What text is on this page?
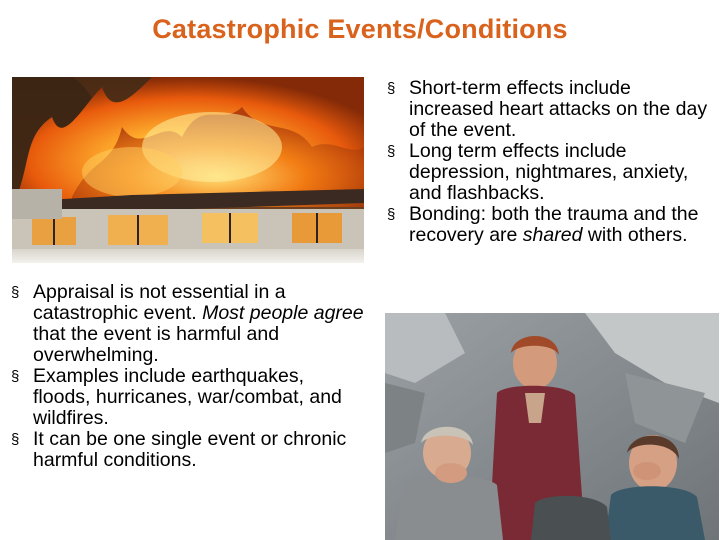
Catastrophic Events/Conditions
§ Appraisal is not essential in a catastrophic event. Most people agree that the event is harmful and overwhelming.
§ Examples include earthquakes, floods, hurricanes, war/combat, and wildfires.
§ It can be one single event or chronic harmful conditions.
§ Short-term effects include increased heart attacks on the day of the event.
§ Long term effects include depression, nightmares, anxiety, and flashbacks.
§ Bonding: both the trauma and the recovery are shared with others.
